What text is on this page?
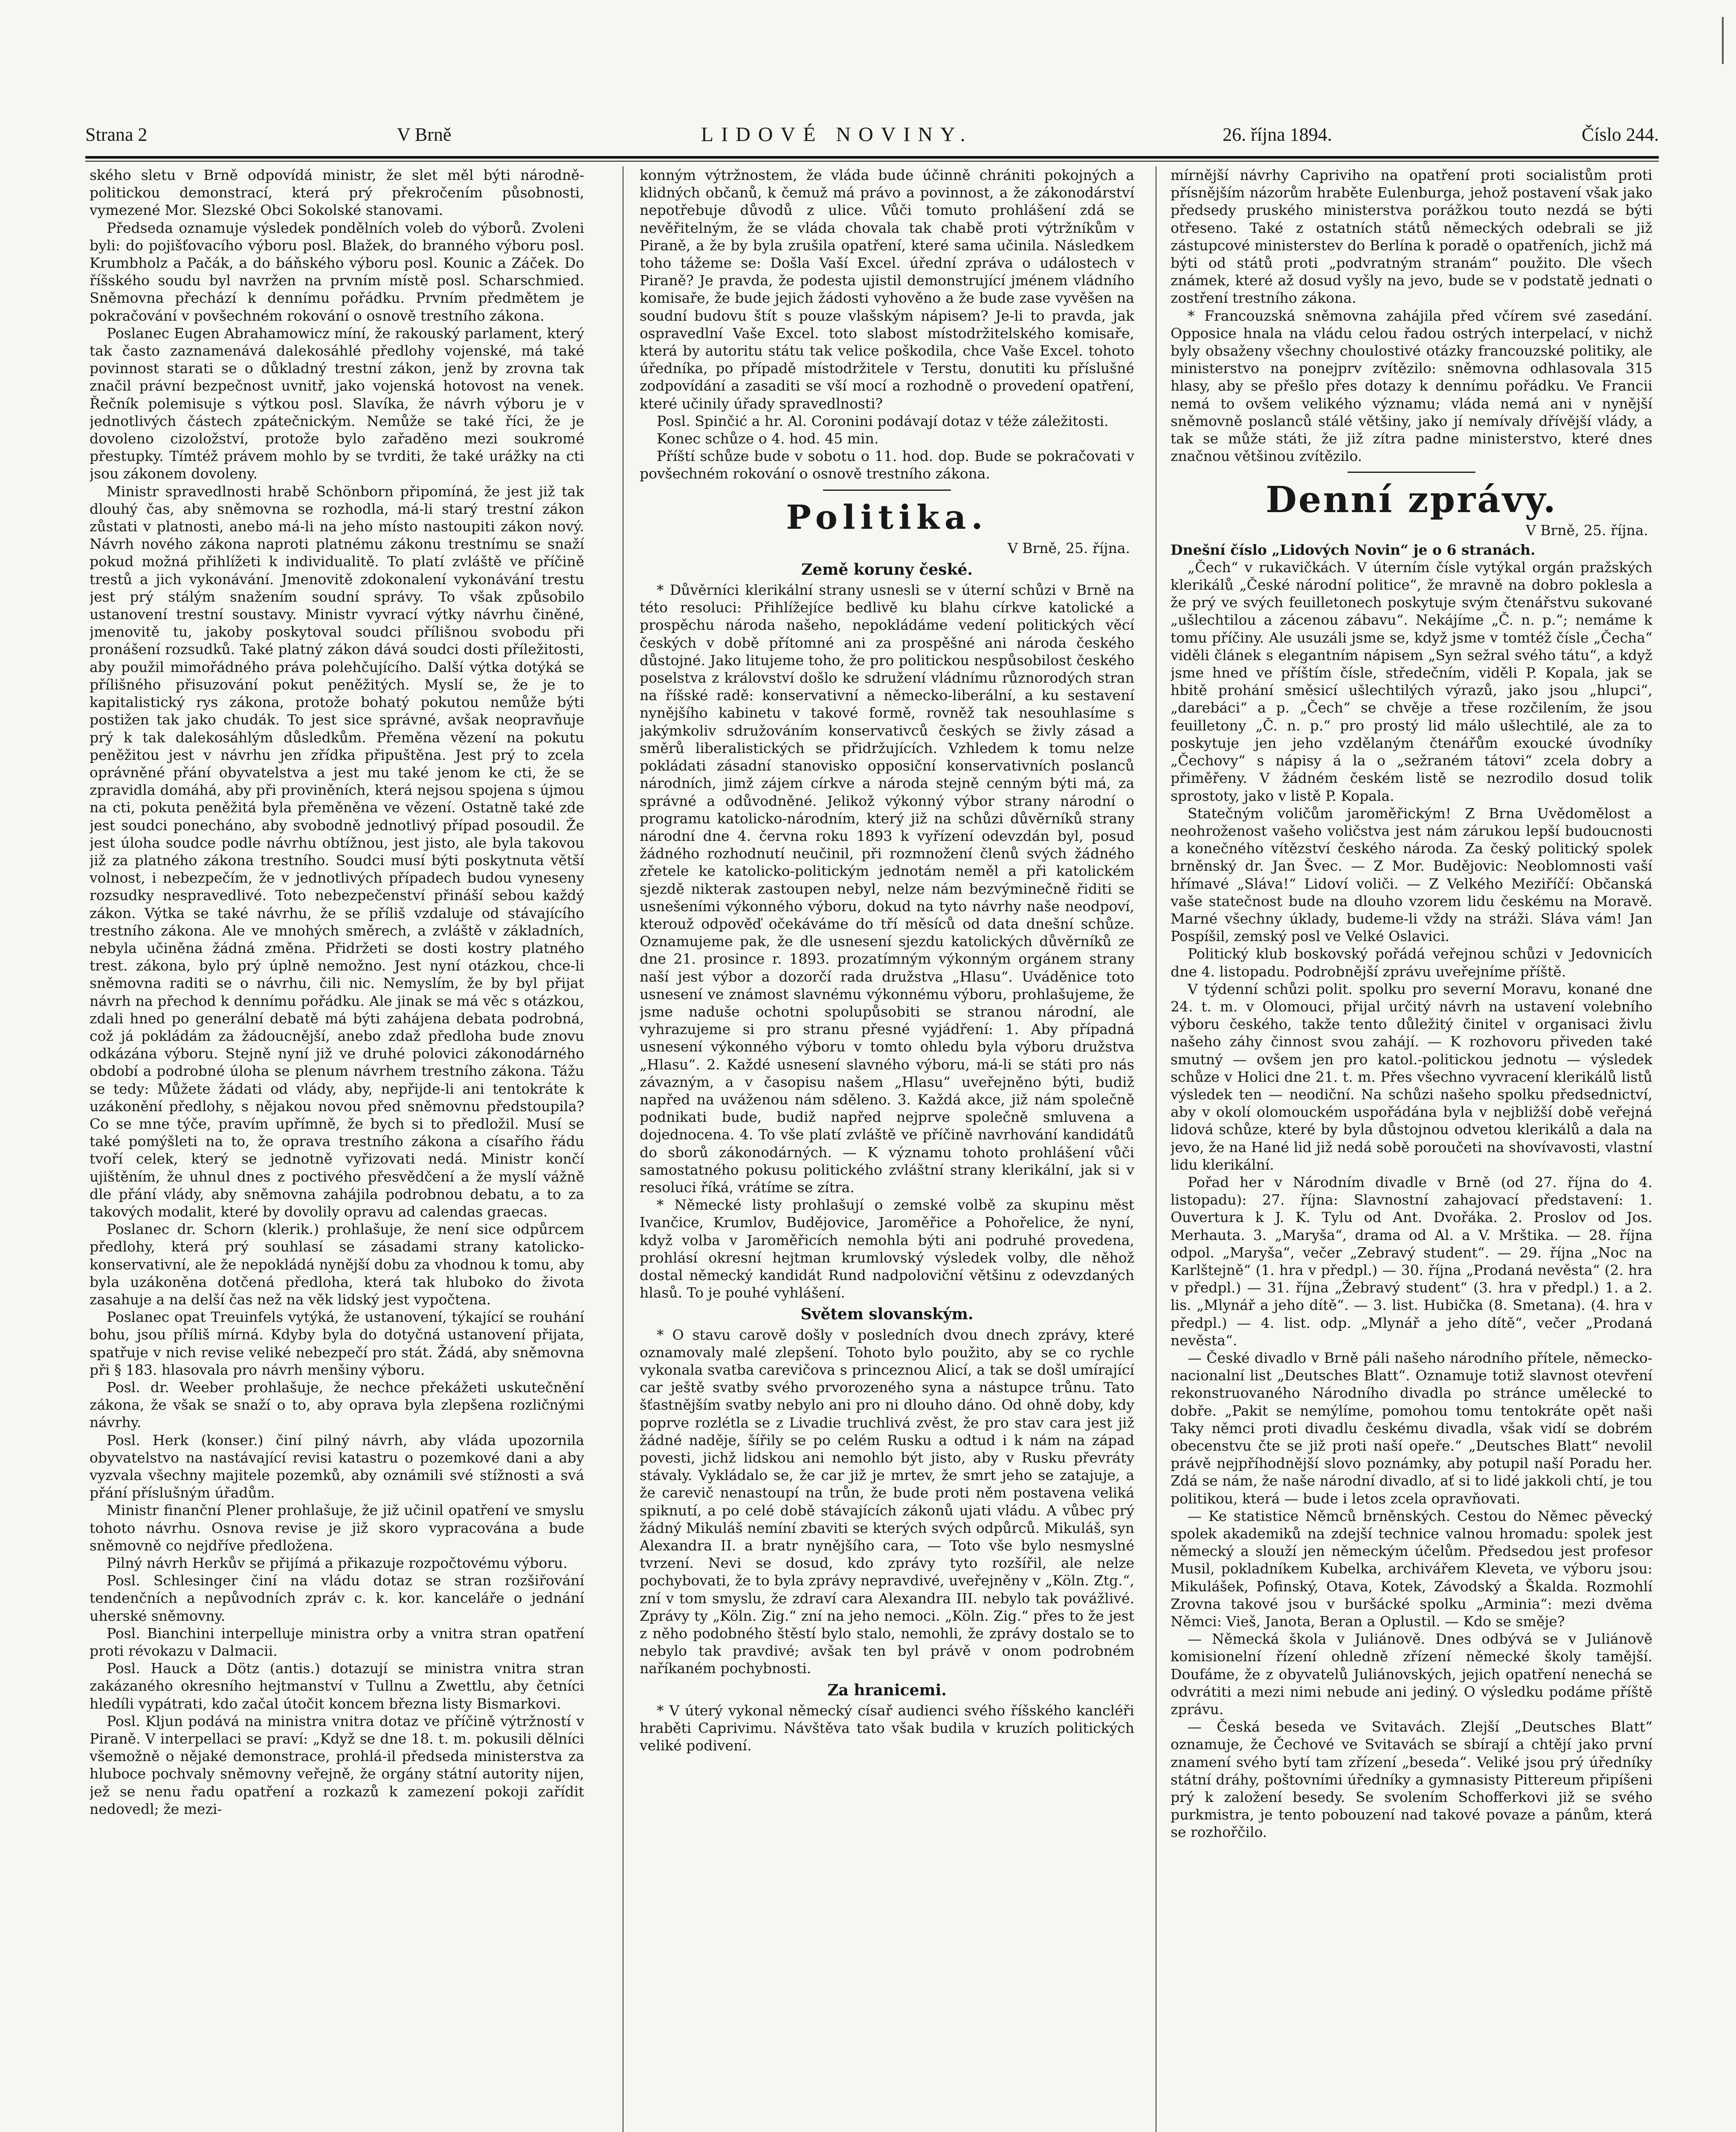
Strana 2	V Brně	LIDOVÉ NOVINY.	26. října 1894.	Číslo 244.

ského sletu v Brně odpovídá ministr, že slet měl býti národně-politickou demonstrací, která prý překročením působnosti, vymezené Mor. Slezské Obci Sokolské stanovami.

Předseda oznamuje výsledek pondělních voleb do výborů. Zvoleni byli: do pojišťovacího výboru posl. Blažek, do branného výboru posl. Krumbholz a Pačák, a do báňského výboru posl. Kounic a Záček. Do říšského soudu byl navržen na prvním místě posl. Scharschmied. Sněmovna přechází k dennímu pořádku. Prvním předmětem je pokračování v povšechném rokování o osnově trestního zákona.

Poslanec Eugen Abrahamowicz míní, že rakouský parlament, který tak často zaznamenává dalekosáhlé předlohy vojenské, má také povinnost starati se o důkladný trestní zákon, jenž by zrovna tak značil právní bezpečnost uvnitř, jako vojenská hotovost na venek. Řečník polemisuje s výtkou posl. Slavíka, že návrh výboru je v jednotlivých částech zpátečnickým. Nemůže se také říci, že je dovoleno cizoložství, protože bylo zařaděno mezi soukromé přestupky. Tímtéž právem mohlo by se tvrditi, že také urážky na cti jsou zákonem dovoleny.

Ministr spravedlnosti hrabě Schönborn připomíná, že jest již tak dlouhý čas, aby sněmovna se rozhodla, má-li starý trestní zákon zůstati v platnosti, anebo má-li na jeho místo nastoupiti zákon nový. Návrh nového zákona naproti platnému zákonu trestnímu se snaží pokud možná přihlížeti k individualitě. To platí zvláště ve příčině trestů a jich vykonávání. Jmenovitě zdokonalení vykonávání trestu jest prý stálým snažením soudní správy. To však způsobilo ustanovení trestní soustavy. Ministr vyvrací výtky návrhu činěné, jmenovitě tu, jakoby poskytoval soudci přílišnou svobodu při pronášení rozsudků. Také platný zákon dává soudci dosti příležitosti, aby použil mimořádného práva polehčujícího. Další výtka dotýká se přílišného přisuzování pokut peněžitých. Myslí se, že je to kapitalistický rys zákona, protože bohatý pokutou nemůže býti postižen tak jako chudák. To jest sice správné, avšak neopravňuje prý k tak dalekosáhlým důsledkům. Přeměna vězení na pokutu peněžitou jest v návrhu jen zřídka připuštěna. Jest prý to zcela oprávněné přání obyvatelstva a jest mu také jenom ke cti, že se zpravidla domáhá, aby při proviněních, která nejsou spojena s újmou na cti, pokuta peněžitá byla přeměněna ve vězení. Ostatně také zde jest soudci ponecháno, aby svobodně jednotlivý případ posoudil. Že jest úloha soudce podle návrhu obtížnou, jest jisto, ale byla takovou již za platného zákona trestního. Soudci musí býti poskytnuta větší volnost, i nebezpečím, že v jednotlivých případech budou vyneseny rozsudky nespravedlivé. Toto nebezpečenství přináší sebou každý zákon. Výtka se také návrhu, že se příliš vzdaluje od stávajícího trestního zákona. Ale ve mnohých směrech, a zvláště v základních, nebyla učiněna žádná změna. Přidržeti se dosti kostry platného trest. zákona, bylo prý úplně nemožno. Jest nyní otázkou, chce-li sněmovna raditi se o návrhu, čili nic. Nemyslím, že by byl přijat návrh na přechod k dennímu pořádku. Ale jinak se má věc s otázkou, zdali hned po generální debatě má býti zahájena debata podrobná, což já pokládám za žádoucnější, anebo zdaž předloha bude znovu odkázána výboru. Stejně nyní již ve druhé polovici zákonodárného období a podrobné úloha se plenum návrhem trestního zákona. Tážu se tedy: Můžete žádati od vlády, aby, nepřijde-li ani tentokráte k uzákonění předlohy, s nějakou novou před sněmovnu předstoupila? Co se mne týče, pravím upřímně, že bych si to předložil. Musí se také pomýšleti na to, že oprava trestního zákona a císařího řádu tvoří celek, který se jednotně vyřizovati nedá. Ministr končí ujištěním, že uhnul dnes z poctivého přesvědčení a že myslí vážně dle přání vlády, aby sněmovna zahájila podrobnou debatu, a to za takových modalit, které by dovolily opravu ad calendas graecas.

Poslanec dr. Schorn (klerik.) prohlašuje, že není sice odpůrcem předlohy, která prý souhlasí se zásadami strany katolicko-konservativní, ale že nepokládá nynější dobu za vhodnou k tomu, aby byla uzákoněna dotčená předloha, která tak hluboko do života zasahuje a na delší čas než na věk lidský jest vypočtena.

Poslanec opat Treuinfels vytýká, že ustanovení, týkající se rouhání bohu, jsou příliš mírná. Kdyby byla do dotyčná ustanovení přijata, spatřuje v nich revise veliké nebezpečí pro stát. Žádá, aby sněmovna při § 183. hlasovala pro návrh menšiny výboru.

Posl. dr. Weeber prohlašuje, že nechce překážeti uskutečnění zákona, že však se snaží o to, aby oprava byla zlepšena rozličnými návrhy.

Posl. Herk (konser.) činí pilný návrh, aby vláda upozornila obyvatelstvo na nastávající revisi katastru o pozemkové dani a aby vyzvala všechny majitele pozemků, aby oznámili své stížnosti a svá přání příslušným úřadům.

Ministr finanční Plener prohlašuje, že již učinil opatření ve smyslu tohoto návrhu. Osnova revise je již skoro vypracována a bude sněmovně co nejdříve předložena.

Pilný návrh Herkův se přijímá a přikazuje rozpočtovému výboru.

Posl. Schlesinger činí na vládu dotaz se stran rozšiřování tendenčních a nepůvodních zpráv c. k. kor. kanceláře o jednání uherské sněmovny.

Posl. Bianchini interpelluje ministra orby a vnitra stran opatření proti révokazu v Dalmacii.

Posl. Hauck a Dötz (antis.) dotazují se ministra vnitra stran zakázaného okresního hejtmanství v Tullnu a Zwettlu, aby četníci hledíli vypátrati, kdo začal útočit koncem března listy Bismarkovi.

Posl. Kljun podává na ministra vnitra dotaz ve příčině výtržností v Piraně. V interpellaci se praví: „Když se dne 18. t. m. pokusili dělníci všemožně o nějaké demonstrace, prohlá-il předseda ministerstva za hluboce pochvaly sněmovny veřejně, že orgány státní autority nijen, jež se nenu řadu opatření a rozkazů k zamezení pokoji zařídit nedovedl; že mezi-

konným výtržnostem, že vláda bude účinně chrániti pokojných a klidných občanů, k čemuž má právo a povinnost, a že zákonodárství nepotřebuje důvodů z ulice. Vůči tomuto prohlášení zdá se nevěřitelným, že se vláda chovala tak chabě proti výtržníkům v Piraně, a že by byla zrušila opatření, které sama učinila. Následkem toho tážeme se: Došla Vaší Excel. úřední zpráva o událostech v Piraně? Je pravda, že podesta ujistil demonstrující jménem vládního komisaře, že bude jejich žádosti vyhověno a že bude zase vyvěšen na soudní budovu štít s pouze vlašským nápisem? Je-li to pravda, jak ospravedlní Vaše Excel. toto slabost místodržitelského komisaře, která by autoritu státu tak velice poškodila, chce Vaše Excel. tohoto úředníka, po případě místodržitele v Terstu, donutiti ku příslušné zodpovídání a zasaditi se vší mocí a rozhodně o provedení opatření, které učinily úřady spravedlnosti?

Posl. Spinčić a hr. Al. Coronini podávají dotaz v téže záležitosti.

Konec schůze o 4. hod. 45 min.

Příští schůze bude v sobotu o 11. hod. dop. Bude se pokračovati v povšechném rokování o osnově trestního zákona.

Politika.
V Brně, 25. října.
Země koruny české.

* Důvěrníci klerikální strany usnesli se v úterní schůzi v Brně na této resoluci: Přihlížejíce bedlivě ku blahu církve katolické a prospěchu národa našeho, nepokládáme vedení politických věcí českých v době přítomné ani za prospěšné ani národa českého důstojné. Jako litujeme toho, že pro politickou nespůsobilost českého poselstva z království došlo ke sdružení vládnímu různorodých stran na říšské radě: konservativní a německo-liberální, a ku sestavení nynějšího kabinetu v takové formě, rovněž tak nesouhlasíme s jakýmkoliv sdružováním konservativců českých se živly zásad a směrů liberalistických se přidržujících. Vzhledem k tomu nelze pokládati zásadní stanovisko opposiční konservativních poslanců národních, jimž zájem církve a národa stejně cenným býti má, za správné a odůvodněné. Jelikož výkonný výbor strany národní o programu katolicko-národním, který již na schůzi důvěrníků strany národní dne 4. června roku 1893 k vyřízení odevzdán byl, posud žádného rozhodnutí neučinil, při rozmnožení členů svých žádného zřetele ke katolicko-politickým jednotám neměl a při katolickém sjezdě nikterak zastoupen nebyl, nelze nám bezvýminečně řiditi se usnešeními výkonného výboru, dokud na tyto návrhy naše neodpoví, kterouž odpověď očekáváme do tří měsíců od data dnešní schůze. Oznamujeme pak, že dle usnesení sjezdu katolických důvěrníků ze dne 21. prosince r. 1893. prozatímným výkonným orgánem strany naší jest výbor a dozorčí rada družstva „Hlasu“. Uváděnice toto usnesení ve známost slavnému výkonnému výboru, prohlašujeme, že jsme naduše ochotni spolupůsobiti se stranou národní, ale vyhrazujeme si pro stranu přesné vyjádření: 1. Aby případná usnesení výkonného výboru v tomto ohledu byla výboru družstva „Hlasu“. 2. Každé usnesení slavného výboru, má-li se státi pro nás závazným, a v časopisu našem „Hlasu“ uveřejněno býti, budiž napřed na uváženou nám sděleno. 3. Každá akce, již nám společně podnikati bude, budiž napřed nejprve společně smluvena a dojednocena. 4. To vše platí zvláště ve příčině navrhování kandidátů do sborů zákonodárných. — K významu tohoto prohlášení vůči samostatného pokusu politického zvláštní strany klerikální, jak si v resoluci říká, vrátíme se zítra.

* Německé listy prohlašují o zemské volbě za skupinu měst Ivančice, Krumlov, Budějovice, Jaroměřice a Pohořelice, že nyní, když volba v Jaroměřicích nemohla býti ani podruhé provedena, prohlásí okresní hejtman krumlovský výsledek volby, dle něhož dostal německý kandidát Rund nadpoloviční většinu z odevzdaných hlasů. To je pouhé vyhlášení.

Světem slovanským.

* O stavu carově došly v posledních dvou dnech zprávy, které oznamovaly malé zlepšení. Tohoto bylo použito, aby se co rychle vykonala svatba carevičova s princeznou Alicí, a tak se došl umírající car ještě svatby svého prvorozeného syna a nástupce trůnu. Tato šťastnějším svatby nebylo ani pro ni dlouho dáno. Od ohně doby, kdy poprve rozlétla se z Livadie truchlivá zvěst, že pro stav cara jest již žádné naděje, šířily se po celém Rusku a odtud i k nám na západ povesti, jichž lidskou ani nemohlo být jisto, aby v Rusku převráty stávaly. Vykládalo se, že car již je mrtev, že smrt jeho se zatajuje, a že carevič nenastoupí na trůn, že bude proti něm postavena veliká spiknutí, a po celé době stávajících zákonů ujati vládu. A vůbec prý žádný Mikuláš nemíní zbaviti se kterých svých odpůrců. Mikuláš, syn Alexandra II. a bratr nynějšího cara, — Toto vše bylo nesmyslné tvrzení. Nevi se dosud, kdo zprávy tyto rozšířil, ale nelze pochybovati, že to byla zprávy nepravdivé, uveřejněny v „Köln. Ztg.“, zní v tom smyslu, že zdraví cara Alexandra III. nebylo tak povážlivé. Zprávy ty „Köln. Zig.“ zní na jeho nemoci. „Köln. Zig.“ přes to že jest z něho podobného štěstí bylo stalo, nemohli, že zprávy dostalo se to nebylo tak pravdivé; avšak ten byl právě v onom podrobném naříkaném pochybnosti.

Za hranicemi.

* V úterý vykonal německý císař audienci svého říšského kancléři hraběti Caprivimu. Návštěva tato však budila v kruzích politických veliké podivení.

mírnější návrhy Capriviho na opatření proti socialistům proti přísnějším názorům hraběte Eulenburga, jehož postavení však jako předsedy pruského ministerstva porážkou touto nezdá se býti otřeseno. Také z ostatních států německých odebrali se již zástupcové ministerstev do Berlína k poradě o opatřeních, jichž má býti od států proti „podvratným stranám“ použito. Dle všech známek, které až dosud vyšly na jevo, bude se v podstatě jednati o zostření trestního zákona.

* Francouzská sněmovna zahájila před včírem své zasedání. Opposice hnala na vládu celou řadou ostrých interpelací, v nichž byly obsaženy všechny choulostivé otázky francouzské politiky, ale ministerstvo na ponejprv zvítězilo: sněmovna odhlasovala 315 hlasy, aby se přešlo přes dotazy k dennímu pořádku. Ve Francii nemá to ovšem velikého významu; vláda nemá ani v nynější sněmovně poslanců stálé většiny, jako jí nemívaly dřívější vlády, a tak se může státi, že již zítra padne ministerstvo, které dnes značnou většinou zvítězilo.

Denní zprávy.
V Brně, 25. října.

Dnešní číslo „Lidových Novin“ je o 6 stranách.

„Čech“ v rukavičkách. V úterním čísle vytýkal orgán pražských klerikálů „České národní politice“, že mravně na dobro poklesla a že prý ve svých feuilletonech poskytuje svým čtenářstvu sukované „ušlechtilou a zácenou zábavu“. Nekájíme „Č. n. p.“; nemáme k tomu příčiny. Ale usuzáli jsme se, když jsme v tomtéž čísle „Čecha“ viděli článek s elegantním nápisem „Syn sežral svého tátu“, a když jsme hned ve příštím čísle, středečním, viděli P. Kopala, jak se hbitě prohání směsicí ušlechtilých výrazů, jako jsou „hlupci“, „darebáci“ a p. „Čech“ se chvěje a třese rozčilením, že jsou feuilletony „Č. n. p.“ pro prostý lid málo ušlechtilé, ale za to poskytuje jen jeho vzdělaným čtenářům exoucké úvodníky „Čechovy“ s nápisy á la o „sežraném tátovi“ zcela dobry a přiměřeny. V žádném českém listě se nezrodilo dosud tolik sprostoty, jako v listě P. Kopala.

Statečným voličům jaroměřickým! Z Brna Uvědomělost a neohroženost vašeho voličstva jest nám zárukou lepší budoucnosti a konečného vítězství českého národa. Za český politický spolek brněnský dr. Jan Švec. — Z Mor. Budějovic: Neoblomnosti vaší hřímavé „Sláva!“ Lidoví voliči. — Z Velkého Meziříčí: Občanská vaše statečnost bude na dlouho vzorem lidu českému na Moravě. Marné všechny úklady, budeme-li vždy na stráži. Sláva vám! Jan Pospíšil, zemský posl ve Velké Oslavici.

Politický klub boskovský pořádá veřejnou schůzi v Jedovnicích dne 4. listopadu. Podrobnější zprávu uveřejníme příště.

V týdenní schůzi polit. spolku pro severní Moravu, konané dne 24. t. m. v Olomouci, přijal určitý návrh na ustavení volebního výboru českého, takže tento důležitý činitel v organisaci živlu našeho záhy činnost svou zahájí. — K rozhovoru přiveden také smutný — ovšem jen pro katol.-politickou jednotu — výsledek schůze v Holici dne 21. t. m. Přes všechno vyvracení klerikálů listů výsledek ten — neodiční. Na schůzi našeho spolku předsednictví, aby v okolí olomouckém uspořádána byla v nejbližší době veřejná lidová schůze, které by byla důstojnou odvetou klerikálů a dala na jevo, že na Hané lid již nedá sobě poroučeti na shovívavosti, vlastní lidu klerikální.

Pořad her v Národním divadle v Brně (od 27. října do 4. listopadu): 27. října: Slavnostní zahajovací představení: 1. Ouvertura k J. K. Tylu od Ant. Dvořáka. 2. Proslov od Jos. Merhauta. 3. „Maryša“, drama od Al. a V. Mrštika. — 28. října odpol. „Maryša“, večer „Zebravý student“. — 29. října „Noc na Karlštejně“ (1. hra v předpl.) — 30. října „Prodaná nevěsta“ (2. hra v předpl.) — 31. října „Žebravý student“ (3. hra v předpl.) 1. a 2. lis. „Mlynář a jeho dítě“. — 3. list. Hubička (8. Smetana). (4. hra v předpl.) — 4. list. odp. „Mlynář a jeho dítě“, večer „Prodaná nevěsta“.

— České divadlo v Brně páli našeho národního přítele, německo-nacionalní list „Deutsches Blatt“. Oznamuje totiž slavnost otevření rekonstruovaného Národního divadla po stránce umělecké to dobře. „Pakit se nemýlíme, pomohou tomu tentokráte opět naši Taky němci proti divadlu českému divadla, však vidí se dobrém obecenstvu čte se již proti naší opeře.“ „Deutsches Blatt“ nevolil právě nejpříhodnější slovo poznámky, aby potupil naší Poradu her. Zdá se nám, že naše národní divadlo, ať si to lidé jakkoli chtí, je tou politikou, která — bude i letos zcela opravňovati.

— Ke statistice Němců brněnských. Cestou do Němec pěvecký spolek akademiků na zdejší technice valnou hromadu: spolek jest německý a slouží jen německým účelům. Předsedou jest profesor Musil, pokladníkem Kubelka, archivářem Kleveta, ve výboru jsou: Mikulášek, Pofinský, Otava, Kotek, Závodský a Škalda. Rozmohlí Zrovna takové jsou v buršácké spolku „Arminia“: mezi dvěma Němci: Vieš, Janota, Beran a Oplustil. — Kdo se směje?

— Německá škola v Juliánově. Dnes odbývá se v Juliánově komisionelní řízení ohledně zřízení německé školy tamější. Doufáme, že z obyvatelů Juliánovských, jejich opatření nenechá se odvrátiti a mezi nimi nebude ani jediný. O výsledku podáme příště zprávu.

— Česká beseda ve Svitavách. Zlejší „Deutsches Blatt“ oznamuje, že Čechové ve Svitavách se sbírají a chtějí jako první znamení svého bytí tam zřízení „beseda“. Veliké jsou prý úředníky státní dráhy, poštovními úředníky a gymnasisty Pittereum připíšeni prý k založení besedy. Se svolením Schofferkovi již se svého purkmistra, je tento pobouzení nad takové povaze a pánům, která se rozhořčilo.
